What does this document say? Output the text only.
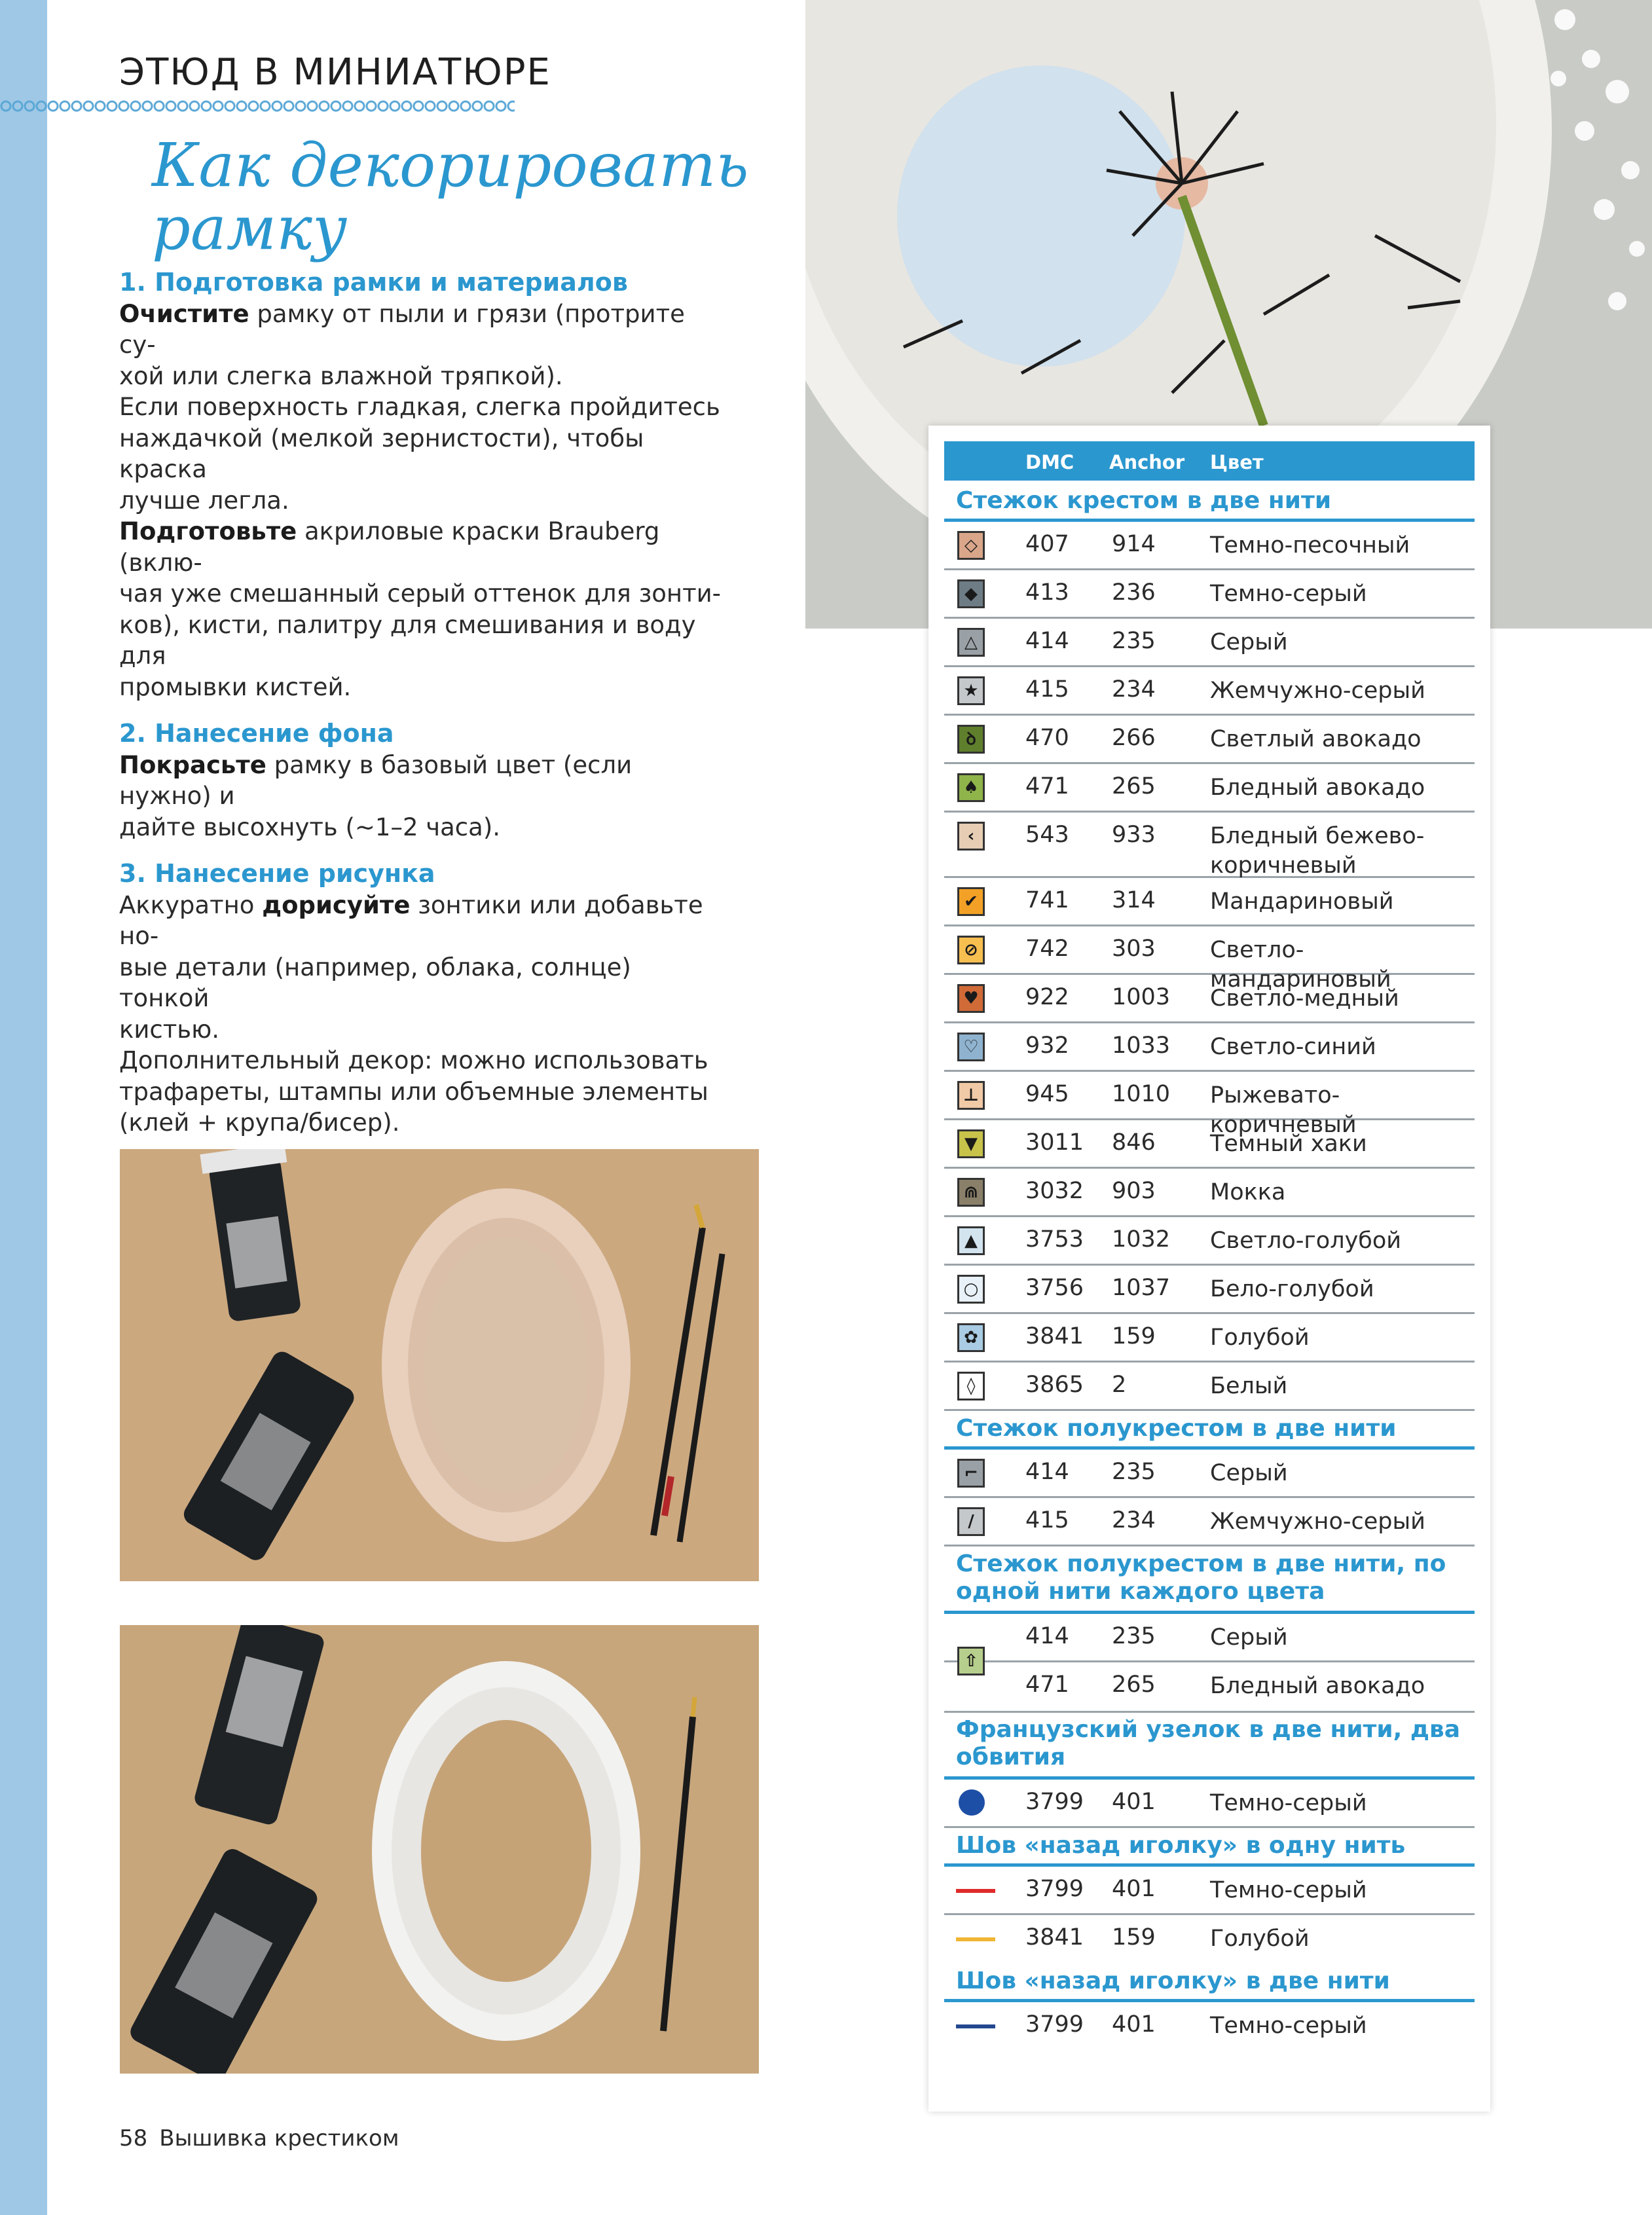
ЭТЮД В МИНИАТЮРЕ
Как декорировать
рамку
1. Подготовка рамки и материалов
Очистите рамку от пыли и грязи (протрите су-
хой или слегка влажной тряпкой).
Если поверхность гладкая, слегка пройдитесь
наждачкой (мелкой зернистости), чтобы краска
лучше легла.
Подготовьте акриловые краски Brauberg (вклю-
чая уже смешанный серый оттенок для зонти-
ков), кисти, палитру для смешивания и воду для
промывки кистей.
2. Нанесение фона
Покрасьте рамку в базовый цвет (если нужно) и
дайте высохнуть (~1–2 часа).
3. Нанесение рисунка
Аккуратно дорисуйте зонтики или добавьте но-
вые детали (например, облака, солнце) тонкой
кистью.
Дополнительный декор: можно использовать
трафареты, штампы или объемные элементы
(клей + крупа/бисер).

DMC Anchor Цвет
Стежок крестом в две нити
◇	407 914 Темно-песочный
◆	413 236 Темно-серый
△	414 235 Серый
★ 415 234 Жемчужно-серый
ꝺ	470 266 Светлый авокадо
♠ 471 265 Бледный авокадо
‹	543 933 Бледный бежево-коричневый
✔ 741 314 Мандариновый
⊘ 742 303 Светло-мандариновый
♥ 922 1003 Светло-медный
♡ 932 1033 Светло-синий
⊥ 945 1010 Рыжевато-коричневый
▼	3011 846 Темный хаки
⋒ 3032 903 Мокка
▲	3753 1032 Светло-голубой
○ 3756 1037 Бело-голубой
✿ 3841 159 Голубой
◊	3865 2	Белый
Стежок полукрестом в две нити
⌐ 414 235 Серый
/	415 234 Жемчужно-серый
Стежок полукрестом в две нити, по одной нити каждого цвета
414 235 Серый
471 265 Бледный авокадо
⇧
Французский узелок в две нити, два обвития
3799 401 Темно-серый
Шов «назад иголку» в одну нить
3799 401 Темно-серый
3841 159 Голубой
Шов «назад иголку» в две нити
3799 401 Темно-серый
58 Вышивка крестиком
